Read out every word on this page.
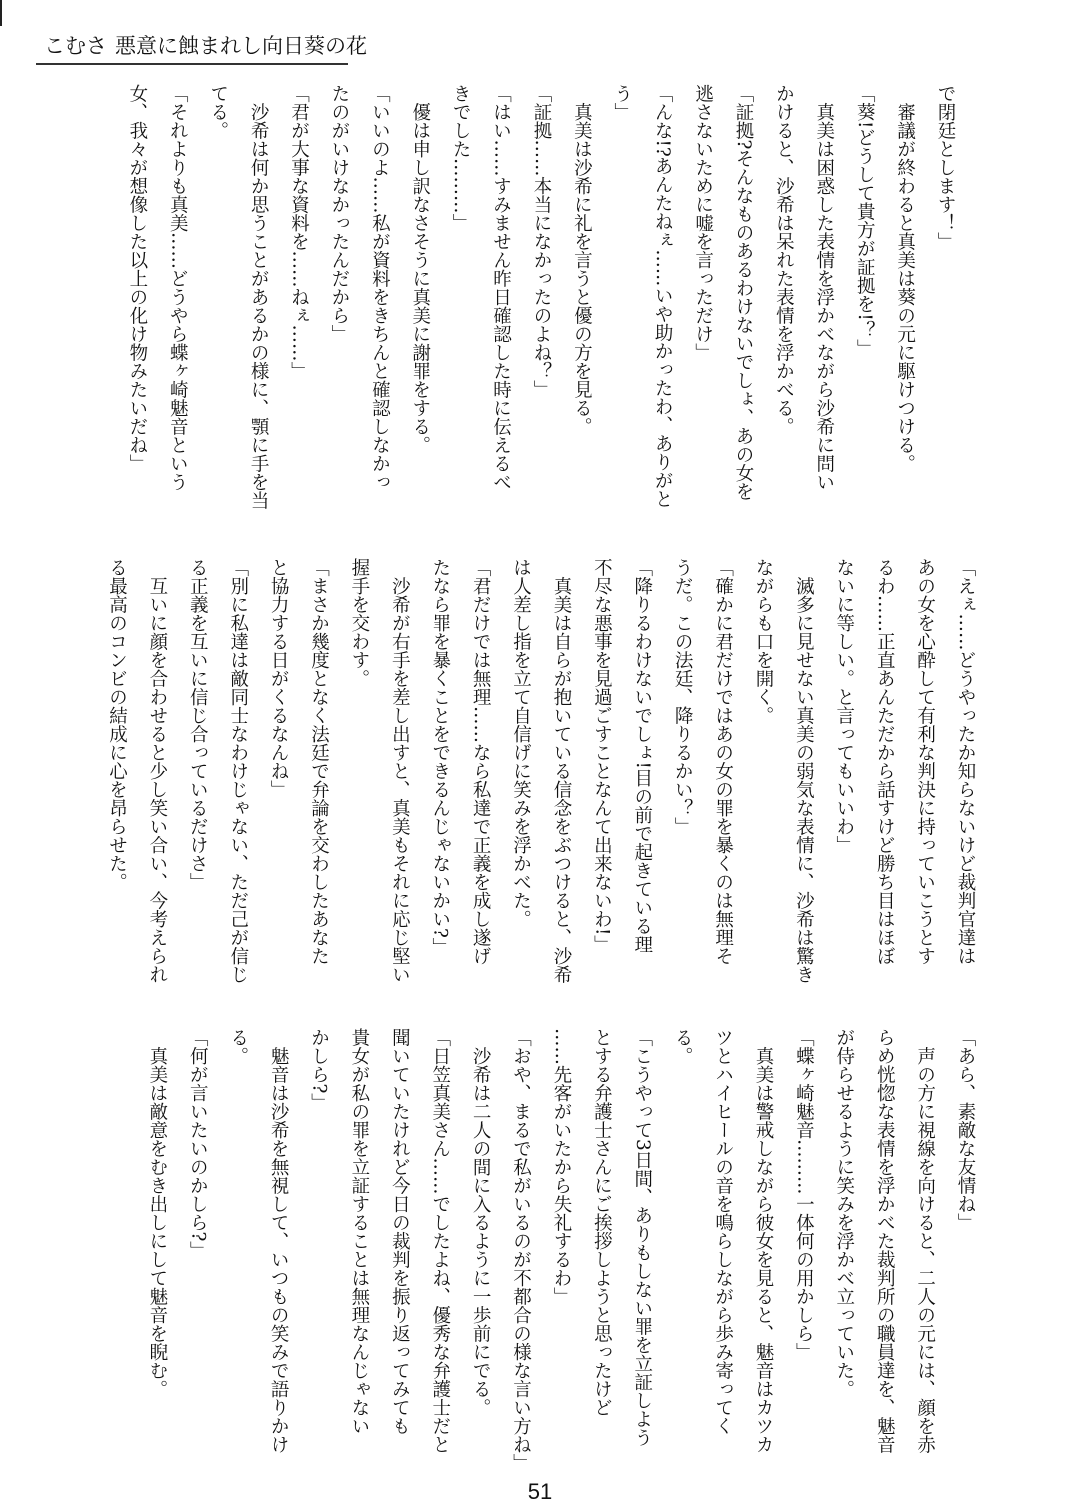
こむさ 悪意に蝕まれし向日葵の花
で閉廷とします！」
　審議が終わると真美は葵の元に駆けつける。
「葵!どうして貴方が証拠を!？」
　真美は困惑した表情を浮かべながら沙希に問い
かけると、沙希は呆れた表情を浮かべる。
「証拠?そんなものあるわけないでしょ、あの女を
逃さないために嘘を言っただけ」
「んな!?あんたねぇ……いや助かったわ、ありがと
う」
　真美は沙希に礼を言うと優の方を見る。
「証拠……本当になかったのよね？」
「はい……すみません昨日確認した時に伝えるべ
きでした………」
　優は申し訳なさそうに真美に謝罪をする。
「いいのよ……私が資料をきちんと確認しなかっ
たのがいけなかったんだから」
「君が大事な資料を……ねぇ……」
　沙希は何か思うことがあるかの様に、顎に手を当
てる。
「それよりも真美……どうやら蝶ヶ崎魅音という
女、我々が想像した以上の化け物みたいだね」
「えぇ……どうやったか知らないけど裁判官達は
あの女を心酔して有利な判決に持っていこうとす
るわ……正直あんただから話すけど勝ち目はほぼ
ないに等しい。と言ってもいいわ」
　滅多に見せない真美の弱気な表情に、沙希は驚き
ながらも口を開く。
「確かに君だけではあの女の罪を暴くのは無理そ
うだ。この法廷、降りるかい？」
「降りるわけないでしょ!目の前で起きている理
不尽な悪事を見過ごすことなんて出来ないわ!」
　真美は自らが抱いている信念をぶつけると、沙希
は人差し指を立て自信げに笑みを浮かべた。
「君だけでは無理……なら私達で正義を成し遂げ
たなら罪を暴くことをできるんじゃないかい?」
　沙希が右手を差し出すと、真美もそれに応じ堅い
握手を交わす。
「まさか幾度となく法廷で弁論を交わしたあなた
と協力する日がくるなんね」
「別に私達は敵同士なわけじゃない、ただ己が信じ
る正義を互いに信じ合っているだけさ」
　互いに顔を合わせると少し笑い合い、今考えられ
る最高のコンビの結成に心を昂らせた。
「あら、素敵な友情ね」
　声の方に視線を向けると、二人の元には、顔を赤
らめ恍惚な表情を浮かべた裁判所の職員達を、魅音
が侍らせるように笑みを浮かべ立っていた。
「蝶ヶ崎魅音………一体何の用かしら」
　真美は警戒しながら彼女を見ると、魅音はカツカ
ツとハイヒールの音を鳴らしながら歩み寄ってく
る。
「こうやって3日間、ありもしない罪を立証しよう
とする弁護士さんにご挨拶しようと思ったけど
……先客がいたから失礼するわ」
「おや、まるで私がいるのが不都合の様な言い方ね」
　沙希は二人の間に入るように一歩前にでる。
「日笠真美さん……でしたよね、優秀な弁護士だと
聞いていたけれど今日の裁判を振り返ってみても
貴女が私の罪を立証することは無理なんじゃない
かしら?」
　魅音は沙希を無視して、いつもの笑みで語りかけ
る。
「何が言いたいのかしら?」
　真美は敵意をむき出しにして魅音を睨む。
51
